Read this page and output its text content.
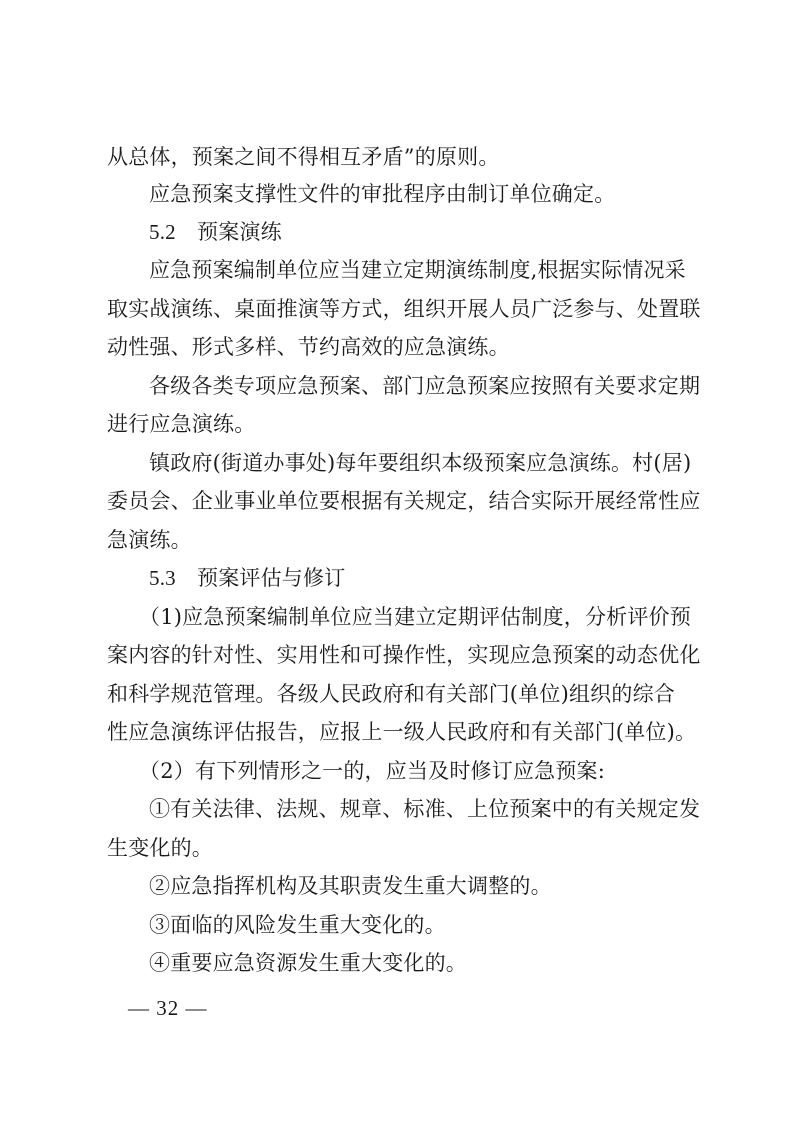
从总体，预案之间不得相互矛盾”的原则。
应急预案支撑性文件的审批程序由制订单位确定。
5.2 预案演练
应急预案编制单位应当建立定期演练制度,根据实际情况采
取实战演练、桌面推演等方式，组织开展人员广泛参与、处置联
动性强、形式多样、节约高效的应急演练。
各级各类专项应急预案、部门应急预案应按照有关要求定期
进行应急演练。
镇政府(街道办事处)每年要组织本级预案应急演练。村(居)
委员会、企业事业单位要根据有关规定，结合实际开展经常性应
急演练。
5.3 预案评估与修订
（1)应急预案编制单位应当建立定期评估制度，分析评价预
案内容的针对性、实用性和可操作性，实现应急预案的动态优化
和科学规范管理。各级人民政府和有关部门(单位)组织的综合
性应急演练评估报告，应报上一级人民政府和有关部门(单位)。
（2）有下列情形之一的，应当及时修订应急预案:
①有关法律、法规、规章、标准、上位预案中的有关规定发
生变化的。
②应急指挥机构及其职责发生重大调整的。
③面临的风险发生重大变化的。
④重要应急资源发生重大变化的。
— 32 —
